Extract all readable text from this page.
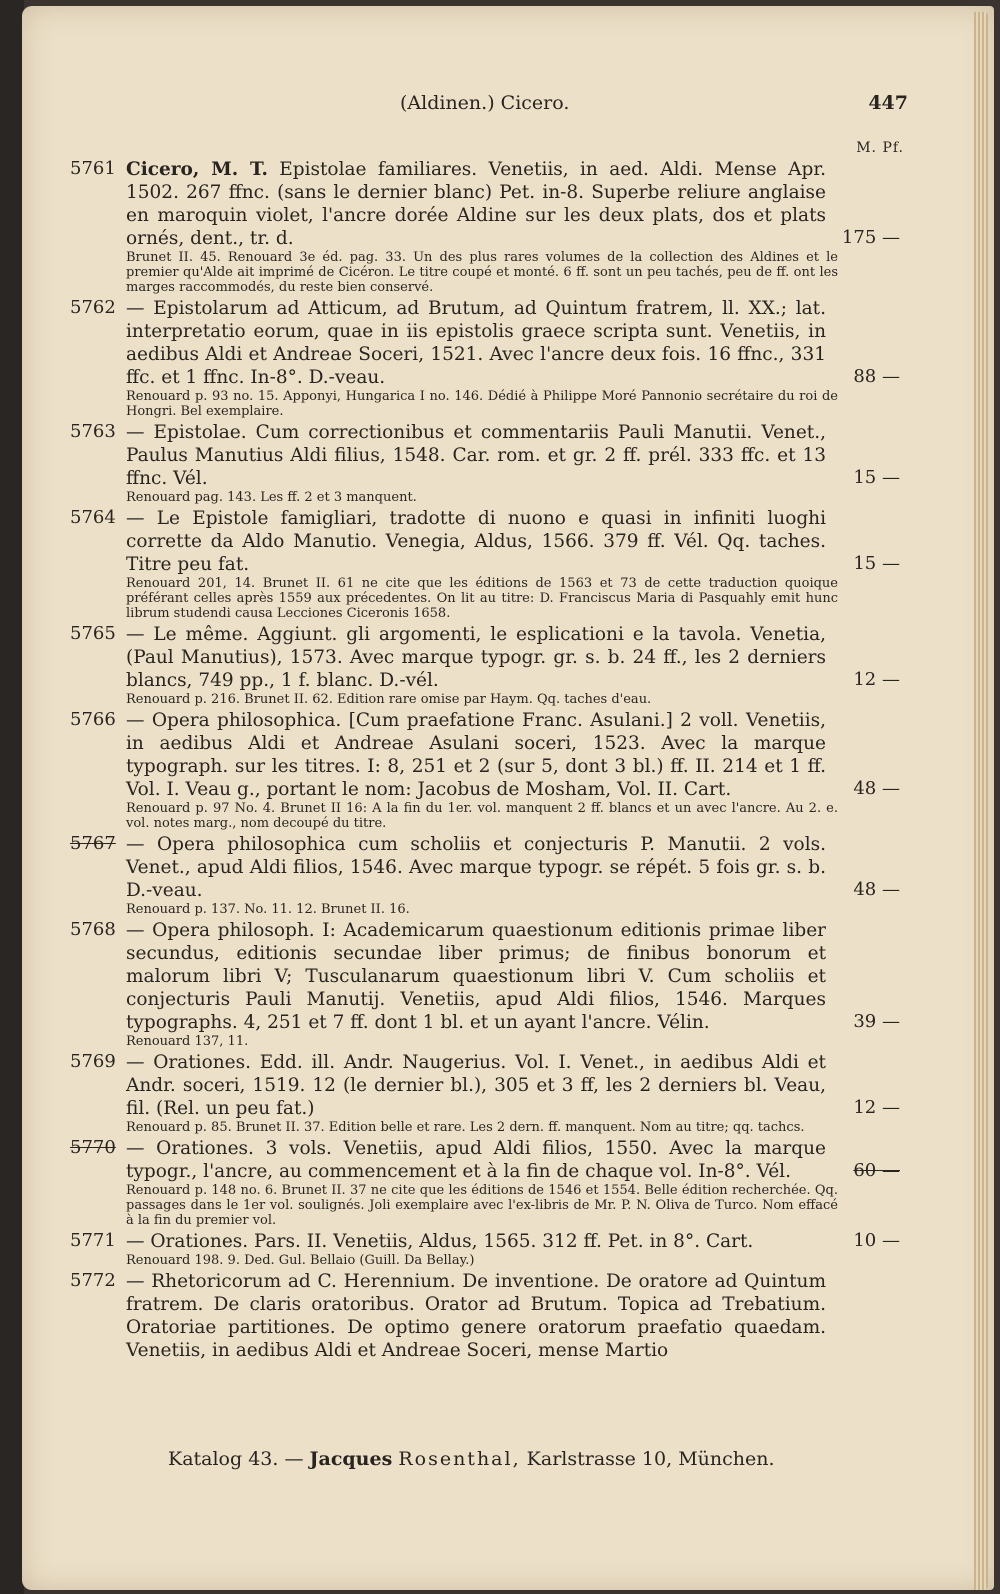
(Aldinen.) Cicero.	447
M. Pf.
5761 Cicero, M. T. Epistolae familiares. Venetiis, in aed. Aldi. Mense Apr. 1502. 267 ffnc. (sans le dernier blanc) Pet. in-8. Superbe reliure anglaise en maroquin violet, l'ancre dorée Aldine sur les deux plats, dos et plats ornés, dent., tr. d.
Brunet II. 45. Renouard 3e éd. pag. 33. Un des plus rares volumes de la collection des Aldines et le premier qu'Alde ait imprimé de Cicéron. Le titre coupé et monté. 6 ff. sont un peu tachés, peu de ff. ont les marges raccommodés, du reste bien conservé.
175 —
5762 — Epistolarum ad Atticum, ad Brutum, ad Quintum fratrem, ll. XX.; lat. interpretatio eorum, quae in iis epistolis graece scripta sunt. Venetiis, in aedibus Aldi et Andreae Soceri, 1521. Avec l'ancre deux fois. 16 ffnc., 331 ffc. et 1 ffnc. In-8°. D.-veau.
Renouard p. 93 no. 15. Apponyi, Hungarica I no. 146. Dédié à Philippe Moré Pannonio secrétaire du roi de Hongri. Bel exemplaire.
88 —
5763 — Epistolae. Cum correctionibus et commentariis Pauli Manutii. Venet., Paulus Manutius Aldi filius, 1548. Car. rom. et gr. 2 ff. prél. 333 ffc. et 13 ffnc. Vél.
Renouard pag. 143. Les ff. 2 et 3 manquent.
15 —
5764 — Le Epistole famigliari, tradotte di nuono e quasi in infiniti luoghi corrette da Aldo Manutio. Venegia, Aldus, 1566. 379 ff. Vél. Qq. taches. Titre peu fat.
Renouard 201, 14. Brunet II. 61 ne cite que les éditions de 1563 et 73 de cette traduction quoique préférant celles après 1559 aux précedentes. On lit au titre: D. Franciscus Maria di Pasquahly emit hunc librum studendi causa Lecciones Ciceronis 1658.
15 —
5765 — Le même. Aggiunt. gli argomenti, le esplicationi e la tavola. Venetia, (Paul Manutius), 1573. Avec marque typogr. gr. s. b. 24 ff., les 2 derniers blancs, 749 pp., 1 f. blanc. D.-vél.
Renouard p. 216. Brunet II. 62. Edition rare omise par Haym. Qq. taches d'eau.
12 —
5766 — Opera philosophica. [Cum praefatione Franc. Asulani.] 2 voll. Venetiis, in aedibus Aldi et Andreae Asulani soceri, 1523. Avec la marque typograph. sur les titres. I: 8, 251 et 2 (sur 5, dont 3 bl.) ff. II. 214 et 1 ff. Vol. I. Veau g., portant le nom: Jacobus de Mosham, Vol. II. Cart.
Renouard p. 97 No. 4. Brunet II 16: A la fin du 1er. vol. manquent 2 ff. blancs et un avec l'ancre. Au 2. e. vol. notes marg., nom decoupé du titre.
48 —
5767 — Opera philosophica cum scholiis et conjecturis P. Manutii. 2 vols. Venet., apud Aldi filios, 1546. Avec marque typogr. se répét. 5 fois gr. s. b. D.-veau.
Renouard p. 137. No. 11. 12. Brunet II. 16.
48 —
5768 — Opera philosoph. I: Academicarum quaestionum editionis primae liber secundus, editionis secundae liber primus; de finibus bonorum et malorum libri V; Tusculanarum quaestionum libri V. Cum scholiis et conjecturis Pauli Manutij. Venetiis, apud Aldi filios, 1546. Marques typographs. 4, 251 et 7 ff. dont 1 bl. et un ayant l'ancre. Vélin.
Renouard 137, 11.
39 —
5769 — Orationes. Edd. ill. Andr. Naugerius. Vol. I. Venet., in aedibus Aldi et Andr. soceri, 1519. 12 (le dernier bl.), 305 et 3 ff, les 2 derniers bl. Veau, fil. (Rel. un peu fat.)
Renouard p. 85. Brunet II. 37. Edition belle et rare. Les 2 dern. ff. manquent. Nom au titre; qq. tachcs.
12 —
5770 — Orationes. 3 vols. Venetiis, apud Aldi filios, 1550. Avec la marque typogr., l'ancre, au commencement et à la fin de chaque vol. In-8°. Vél.
Renouard p. 148 no. 6. Brunet II. 37 ne cite que les éditions de 1546 et 1554. Belle édition recherchée. Qq. passages dans le 1er vol. soulignés. Joli exemplaire avec l'ex-libris de Mr. P. N. Oliva de Turco. Nom effacé à la fin du premier vol.
60 —
5771 — Orationes. Pars. II. Venetiis, Aldus, 1565. 312 ff. Pet. in 8°. Cart.
Renouard 198. 9. Ded. Gul. Bellaio (Guill. Da Bellay.)
10 —
5772 — Rhetoricorum ad C. Herennium. De inventione. De oratore ad Quintum fratrem. De claris oratoribus. Orator ad Brutum. Topica ad Trebatium. Oratoriae partitiones. De optimo genere oratorum praefatio quaedam. Venetiis, in aedibus Aldi et Andreae Soceri, mense Martio
Katalog 43. — Jacques Rosenthal, Karlstrasse 10, München.
